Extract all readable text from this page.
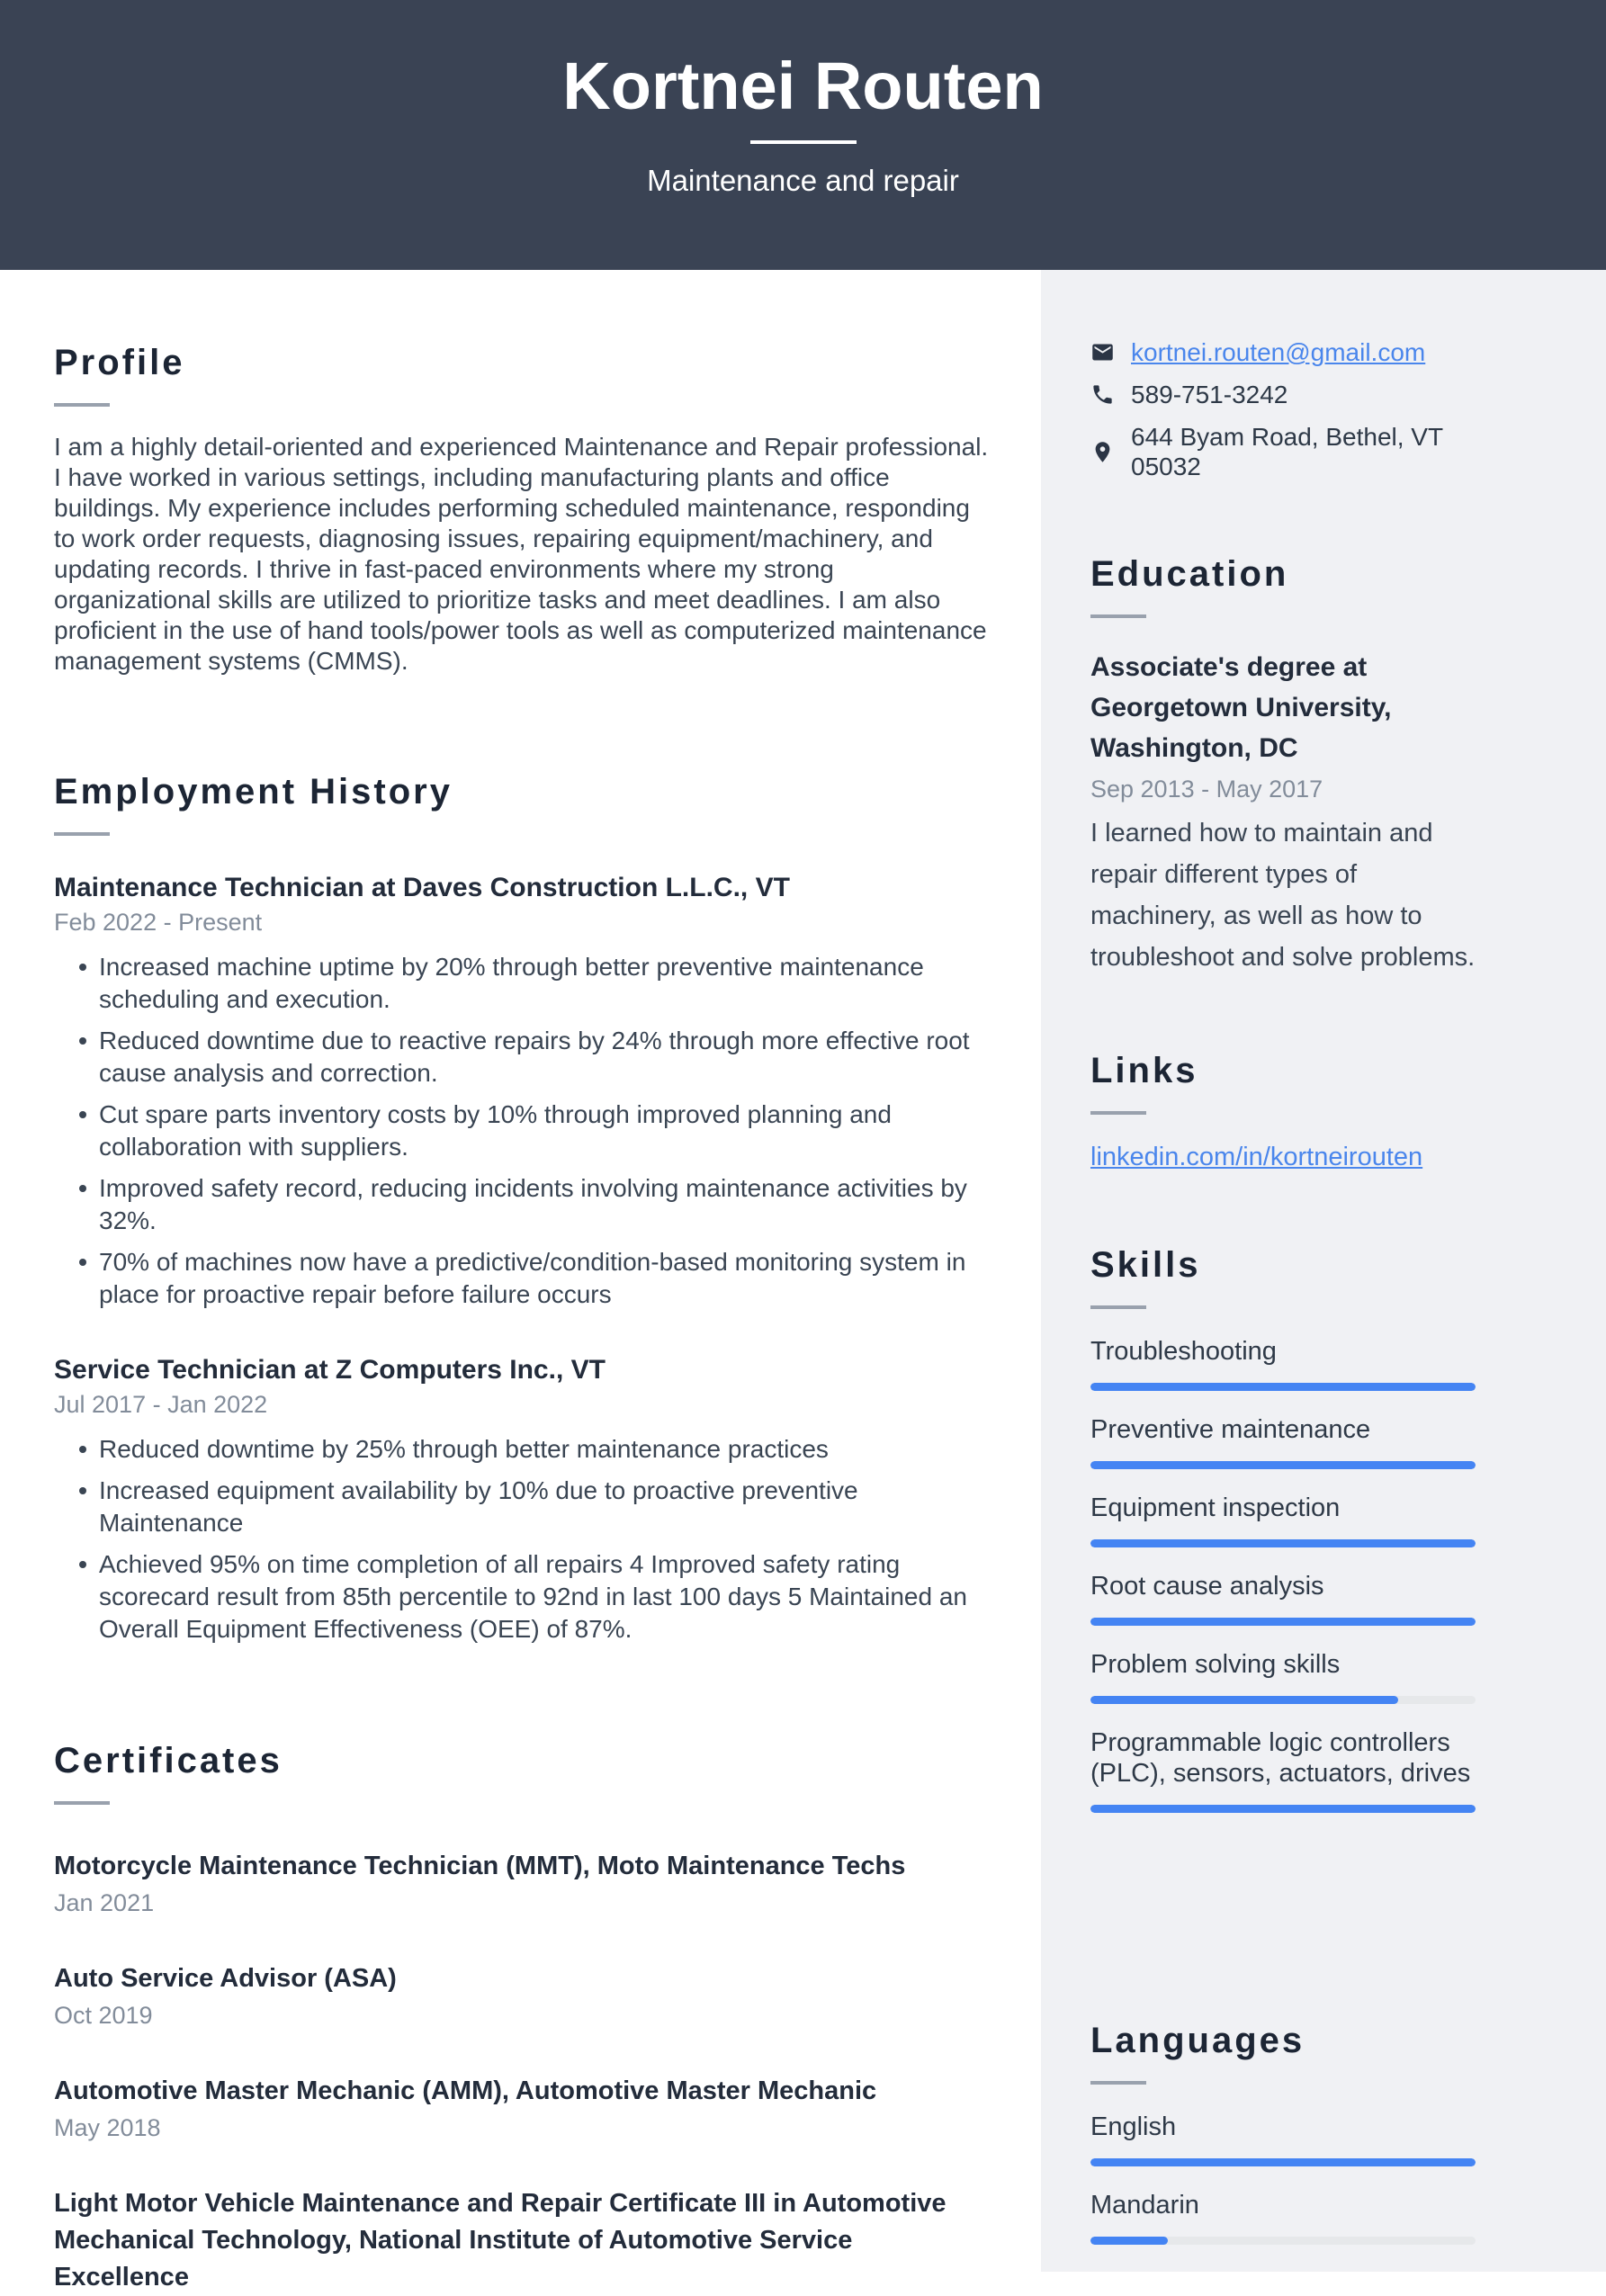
Kortnei Routen
Maintenance and repair
Profile

I am a highly detail-oriented and experienced Maintenance and Repair professional. I have worked in various settings, including manufacturing plants and office buildings. My experience includes performing scheduled maintenance, responding to work order requests, diagnosing issues, repairing equipment/machinery, and updating records. I thrive in fast-paced environments where my strong organizational skills are utilized to prioritize tasks and meet deadlines. I am also proficient in the use of hand tools/power tools as well as computerized maintenance management systems (CMMS).

Employment History
Maintenance Technician at Daves Construction L.L.C., VT
Feb 2022 - Present
Increased machine uptime by 20% through better preventive maintenance scheduling and execution.
Reduced downtime due to reactive repairs by 24% through more effective root cause analysis and correction.
Cut spare parts inventory costs by 10% through improved planning and collaboration with suppliers.
Improved safety record, reducing incidents involving maintenance activities by 32%.
70% of machines now have a predictive/condition-based monitoring system in place for proactive repair before failure occurs
Service Technician at Z Computers Inc., VT
Jul 2017 - Jan 2022
Reduced downtime by 25% through better maintenance practices
Increased equipment availability by 10% due to proactive preventive Maintenance
Achieved 95% on time completion of all repairs 4 Improved safety rating scorecard result from 85th percentile to 92nd in last 100 days 5 Maintained an Overall Equipment Effectiveness (OEE) of 87%.
Certificates
Motorcycle Maintenance Technician (MMT), Moto Maintenance Techs
Jan 2021
Auto Service Advisor (ASA)
Oct 2019
Automotive Master Mechanic (AMM), Automotive Master Mechanic
May 2018
Light Motor Vehicle Maintenance and Repair Certificate III in Automotive Mechanical Technology, National Institute of Automotive Service Excellence
kortnei.routen@gmail.com
589-751-3242
644 Byam Road, Bethel, VT 05032
Education
Associate's degree at Georgetown University, Washington, DC
Sep 2013 - May 2017
I learned how to maintain and repair different types of machinery, as well as how to troubleshoot and solve problems.
Links
linkedin.com/in/kortneirouten
Skills
Troubleshooting
Preventive maintenance
Equipment inspection
Root cause analysis
Problem solving skills
Programmable logic controllers (PLC), sensors, actuators, drives
Languages
English
Mandarin
